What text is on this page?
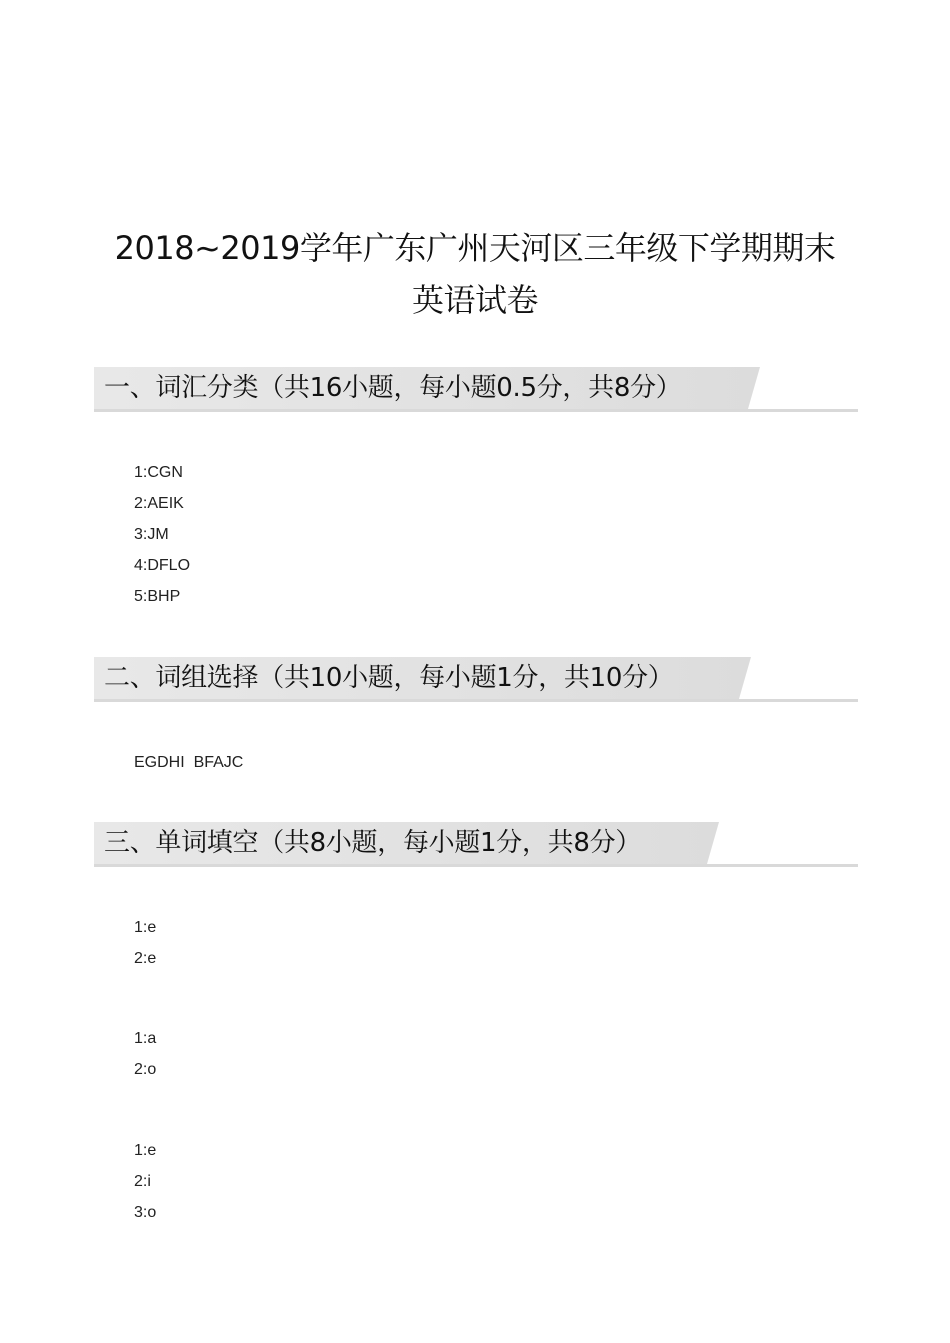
2018~2019学年广东广州天河区三年级下学期期末
英语试卷
一、词汇分类（共16小题，每小题0.5分，共8分）
1:CGN
2:AEIK
3:JM
4:DFLO
5:BHP
二、词组选择（共10小题，每小题1分，共10分）
EGDHI  BFAJC
三、单词填空（共8小题，每小题1分，共8分）
1:e
2:e
1:a
2:o
1:e
2:i
3:o
